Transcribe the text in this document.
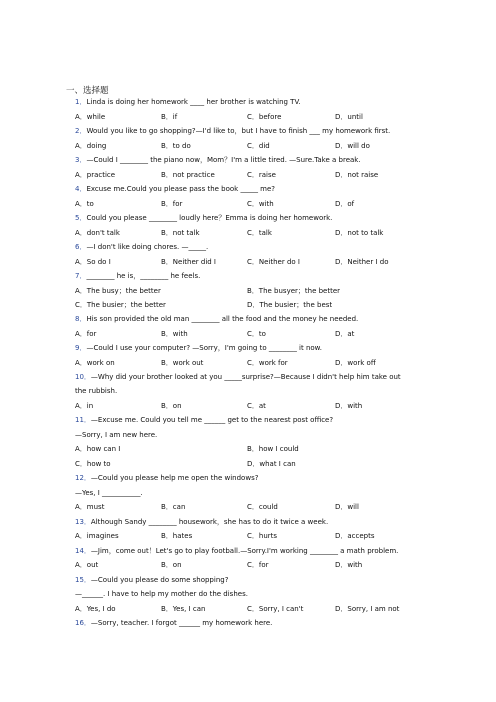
一、选择题
1．Linda is doing her homework ____ her brother is watching TV.
A．while	B．if	C．before	D．until
2．Would you like to go shopping?—I'd like to，but I have to finish ___ my homework first.
A．doing	B．to do	C．did	D．will do
3．—Could I ________ the piano now，Mom？I'm a little tired. —Sure.Take a break.
A．practice	B．not practice	C．raise	D．not raise
4．Excuse me.Could you please pass the book _____ me?
A．to	B．for	C．with	D．of
5．Could you please ________ loudly here？Emma is doing her homework.
A．don't talk	B．not talk	C．talk	D．not to talk
6．—I don't like doing chores. —_____.
A．So do I	B．Neither did I	C．Neither do I	D．Neither I do
7．________ he is，________ he feels.
A．The busy；the better	B．The busyer；the better
C．The busier；the better	D．The busier；the best
8．His son provided the old man ________ all the food and the money he needed.
A．for	B．with	C．to	D．at
9．—Could I use your computer? —Sorry，I'm going to ________ it now.
A．work on	B．work out	C．work for	D．work off
10．—Why did your brother looked at you _____surprise?—Because I didn't help him take out
the rubbish.
A．in	B．on	C．at	D．with
11．—Excuse me. Could you tell me ______ get to the nearest post office?
—Sorry, I am new here.
A．how can I	B．how I could
C．how to	D．what I can
12．—Could you please help me open the windows?
—Yes, I ___________.
A．must	B．can	C．could	D．will
13．Although Sandy ________ housework，she has to do it twice a week.
A．imagines	B．hates	C．hurts	D．accepts
14．—Jim，come out！Let's go to play football.—Sorry.I'm working ________ a math problem.
A．out	B．on	C．for	D．with
15．—Could you please do some shopping?
—______. I have to help my mother do the dishes.
A．Yes, I do	B．Yes, I can	C．Sorry, I can't	D．Sorry, I am not
16．—Sorry, teacher. I forgot ______ my homework here.
